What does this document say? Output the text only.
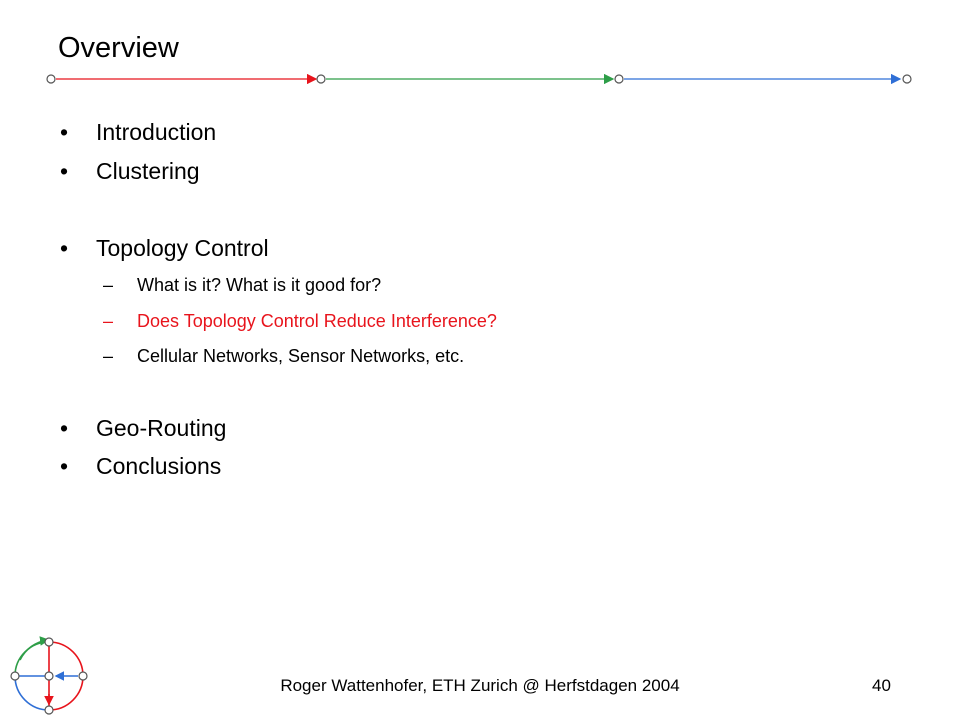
Overview
• Introduction
• Clustering
• Topology Control
– What is it? What is it good for?
– Does Topology Control Reduce Interference?
– Cellular Networks, Sensor Networks, etc.
• Geo-Routing
• Conclusions
Roger Wattenhofer, ETH Zurich @ Herfstdagen 2004	40
